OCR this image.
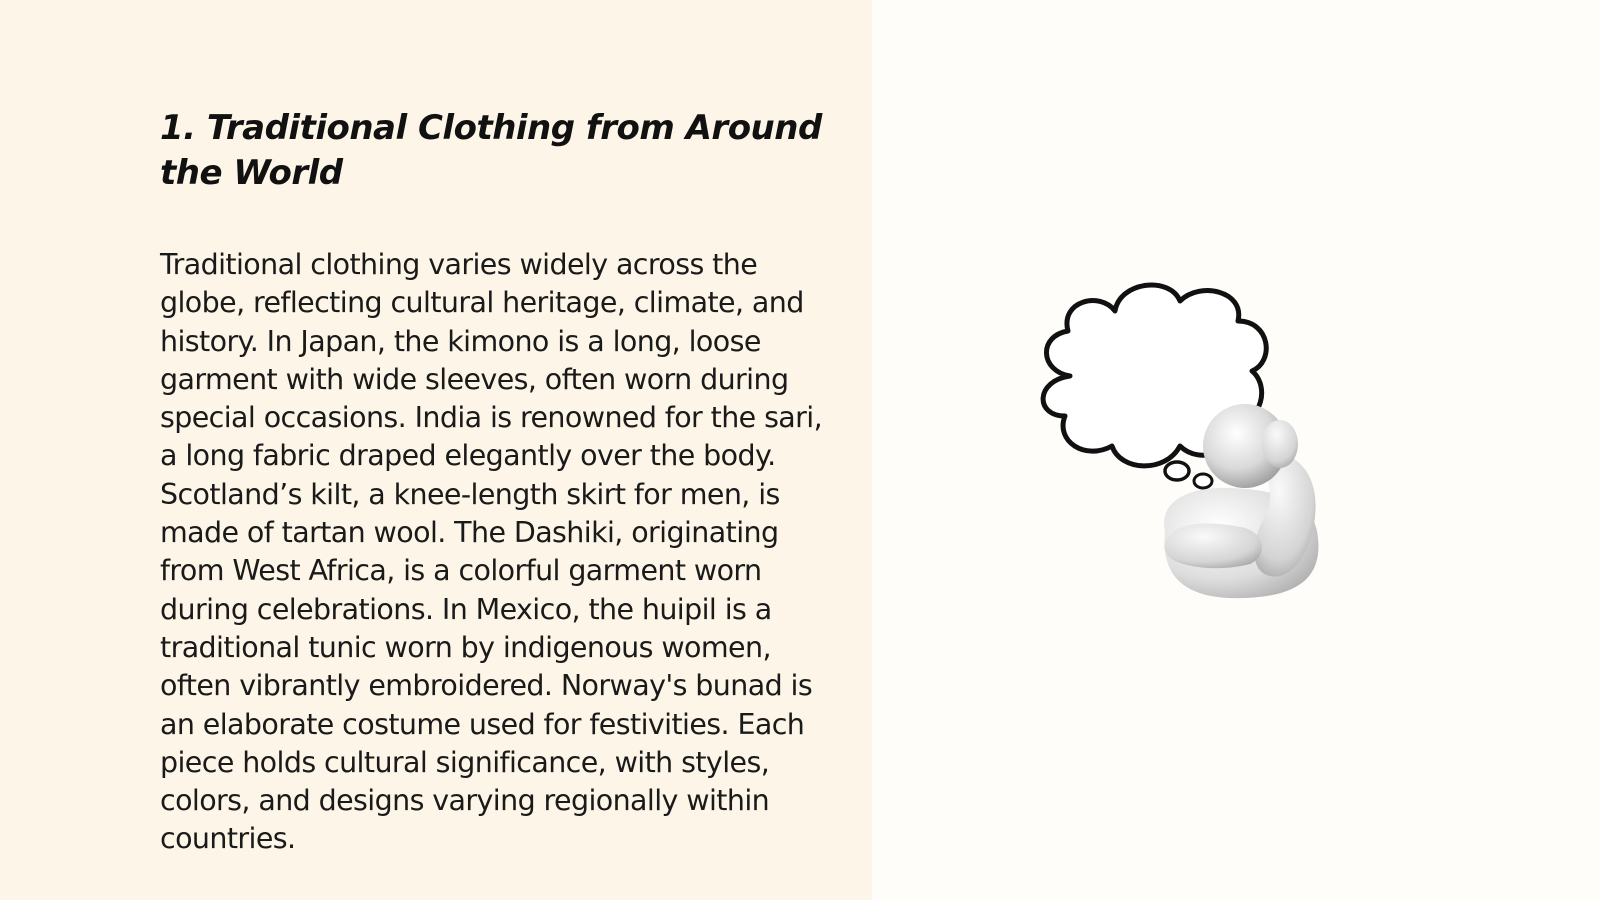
1. Traditional Clothing from Around the World

Traditional clothing varies widely across the globe, reflecting cultural heritage, climate, and history. In Japan, the kimono is a long, loose garment with wide sleeves, often worn during special occasions. India is renowned for the sari, a long fabric draped elegantly over the body. Scotland’s kilt, a knee-length skirt for men, is made of tartan wool. The Dashiki, originating from West Africa, is a colorful garment worn during celebrations. In Mexico, the huipil is a traditional tunic worn by indigenous women, often vibrantly embroidered. Norway's bunad is an elaborate costume used for festivities. Each piece holds cultural significance, with styles, colors, and designs varying regionally within countries.
